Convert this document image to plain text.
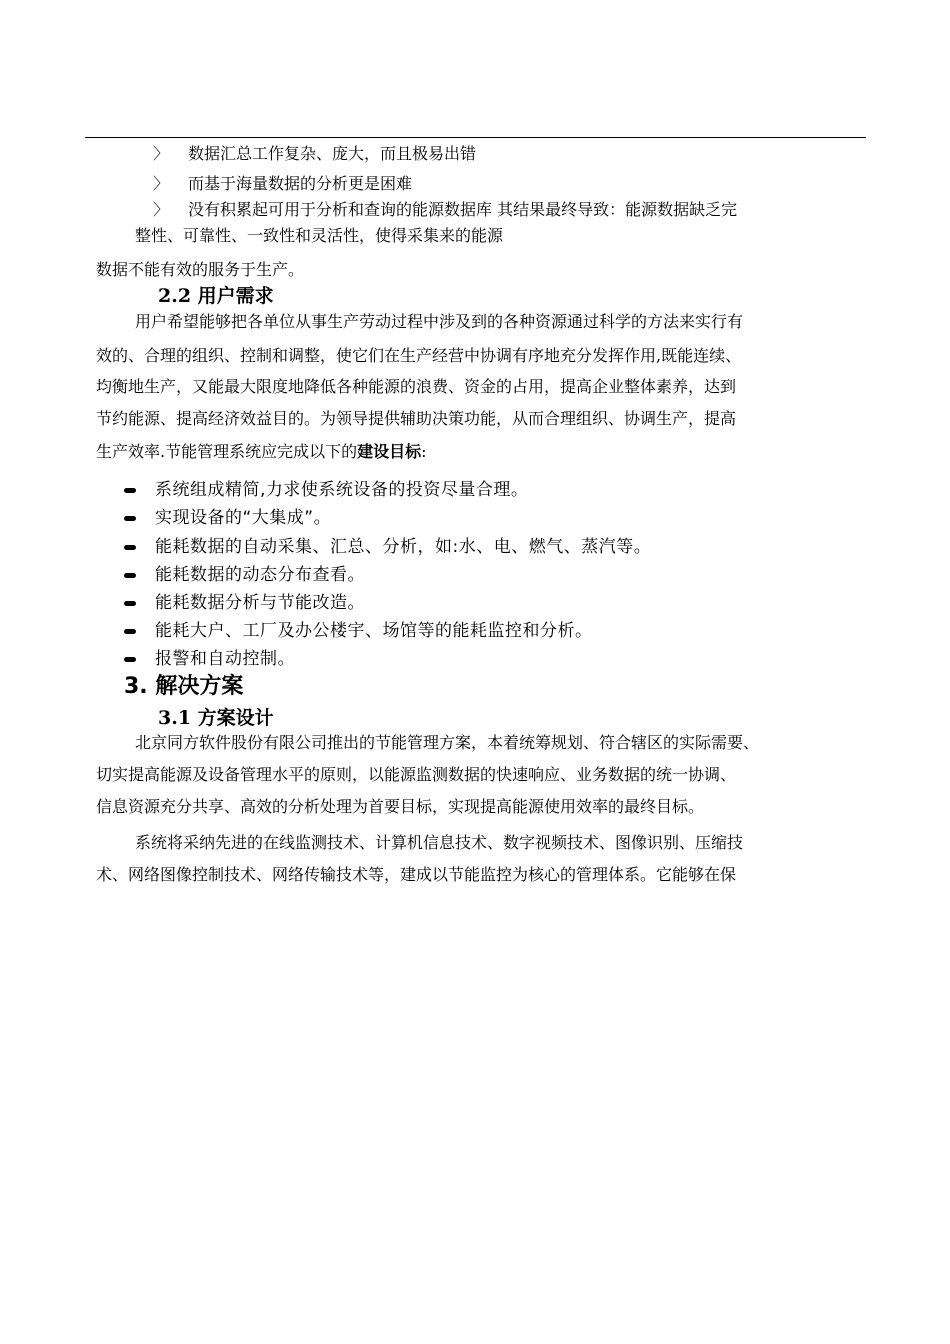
〉 数据汇总工作复杂、庞大，而且极易出错
〉 而基于海量数据的分析更是困难
〉 没有积累起可用于分析和查询的能源数据库 其结果最终导致：能源数据缺乏完
整性、可靠性、一致性和灵活性，使得采集来的能源
数据不能有效的服务于生产。
2.2 用户需求
用户希望能够把各单位从事生产劳动过程中涉及到的各种资源通过科学的方法来实行有
效的、合理的组织、控制和调整，使它们在生产经营中协调有序地充分发挥作用,既能连续、
均衡地生产，又能最大限度地降低各种能源的浪费、资金的占用，提高企业整体素养，达到
节约能源、提高经济效益目的。为领导提供辅助决策功能，从而合理组织、协调生产，提高
生产效率.节能管理系统应完成以下的建设目标:
系统组成精简,力求使系统设备的投资尽量合理。
实现设备的“大集成”。
能耗数据的自动采集、汇总、分析，如:水、电、燃气、蒸汽等。
能耗数据的动态分布查看。
能耗数据分析与节能改造。
能耗大户、工厂及办公楼宇、场馆等的能耗监控和分析。
报警和自动控制。
3. 解决方案
3.1 方案设计
北京同方软件股份有限公司推出的节能管理方案，本着统筹规划、符合辖区的实际需要、
切实提高能源及设备管理水平的原则，以能源监测数据的快速响应、业务数据的统一协调、
信息资源充分共享、高效的分析处理为首要目标，实现提高能源使用效率的最终目标。
系统将采纳先进的在线监测技术、计算机信息技术、数字视频技术、图像识别、压缩技
术、网络图像控制技术、网络传输技术等，建成以节能监控为核心的管理体系。它能够在保
